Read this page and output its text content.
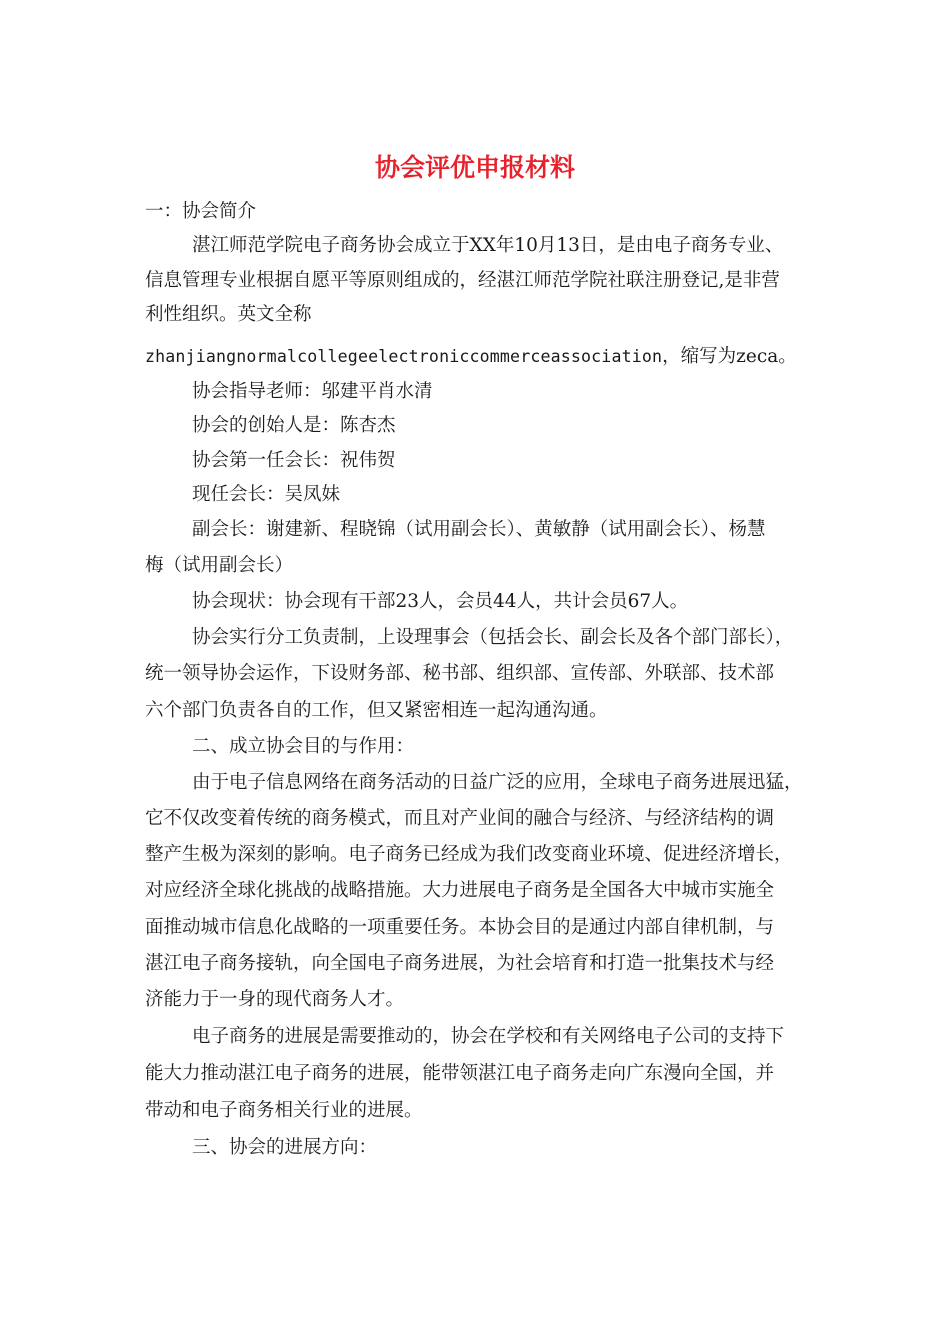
协会评优申报材料
一：协会简介
湛江师范学院电子商务协会成立于XX年10月13日，是由电子商务专业、
信息管理专业根据自愿平等原则组成的，经湛江师范学院社联注册登记,是非营
利性组织。英文全称
zhanjiangnormalcollegeelectroniccommerceassociation，缩写为zeca。
协会指导老师：邬建平肖水清
协会的创始人是：陈杏杰
协会第一任会长：祝伟贺
现任会长：吴凤妹
副会长：谢建新、程晓锦（试用副会长）、黄敏静（试用副会长）、杨慧
梅（试用副会长）
协会现状：协会现有干部23人，会员44人，共计会员67人。
协会实行分工负责制，上设理事会（包括会长、副会长及各个部门部长），
统一领导协会运作，下设财务部、秘书部、组织部、宣传部、外联部、技术部
六个部门负责各自的工作，但又紧密相连一起沟通沟通。
二、成立协会目的与作用：
由于电子信息网络在商务活动的日益广泛的应用，全球电子商务进展迅猛，
它不仅改变着传统的商务模式，而且对产业间的融合与经济、与经济结构的调
整产生极为深刻的影响。电子商务已经成为我们改变商业环境、促进经济增长，
对应经济全球化挑战的战略措施。大力进展电子商务是全国各大中城市实施全
面推动城市信息化战略的一项重要任务。本协会目的是通过内部自律机制，与
湛江电子商务接轨，向全国电子商务进展，为社会培育和打造一批集技术与经
济能力于一身的现代商务人才。
电子商务的进展是需要推动的，协会在学校和有关网络电子公司的支持下
能大力推动湛江电子商务的进展，能带领湛江电子商务走向广东漫向全国，并
带动和电子商务相关行业的进展。
三、协会的进展方向：
